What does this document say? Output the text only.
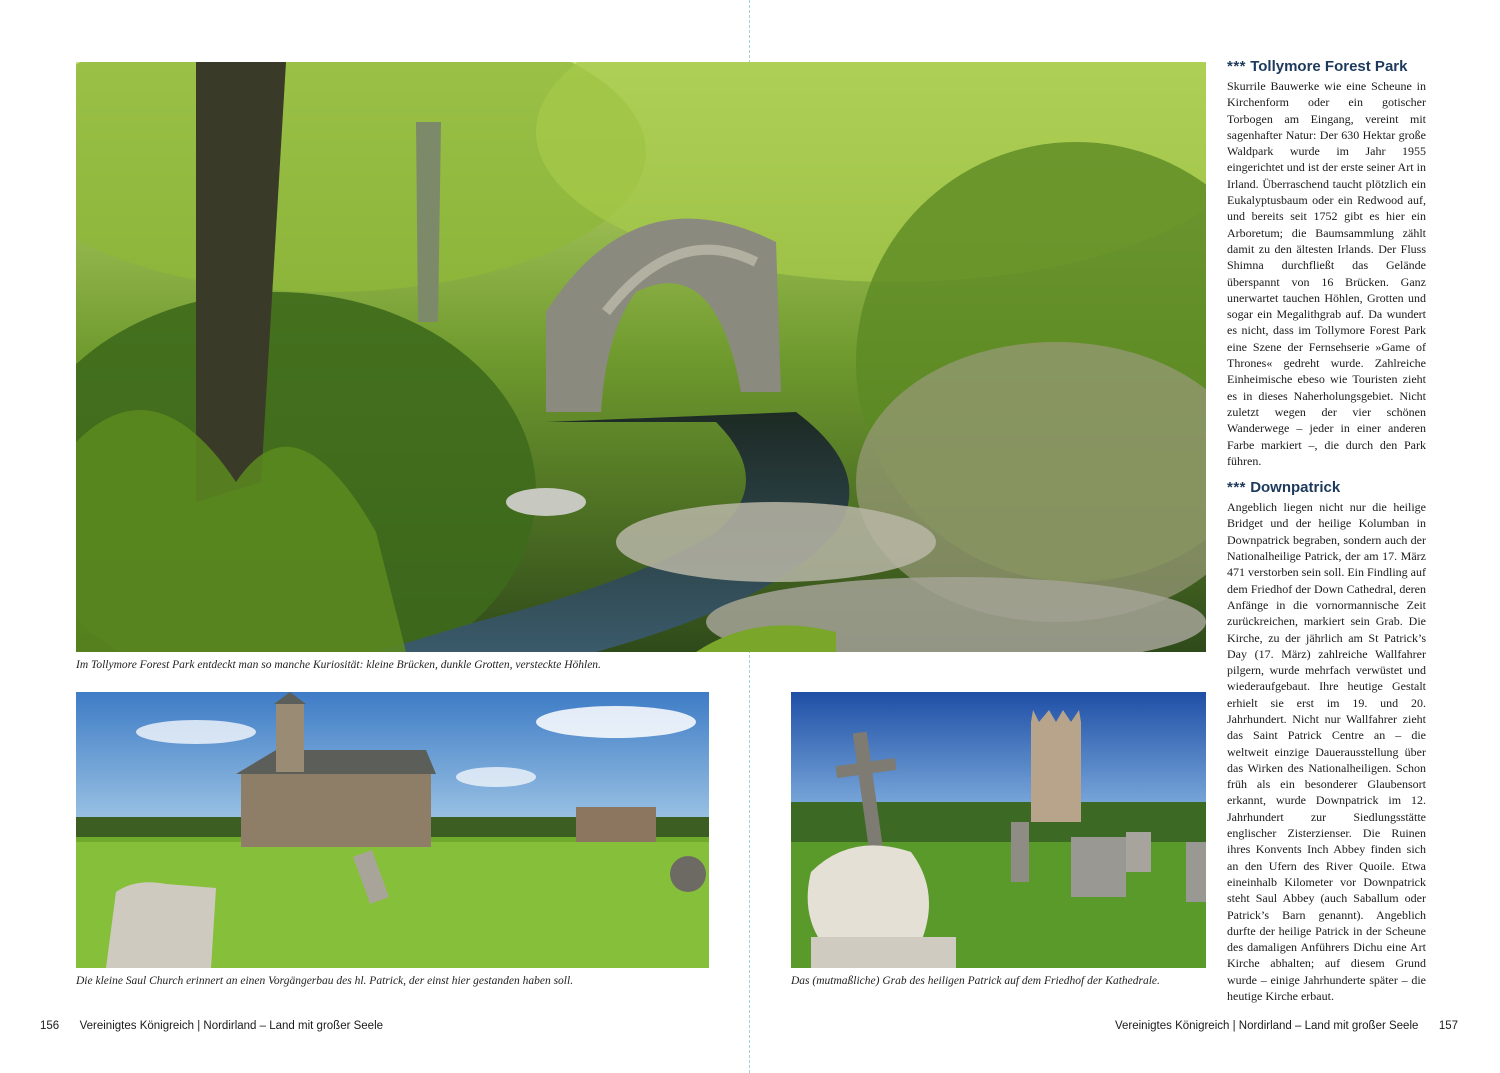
Im Tollymore Forest Park entdeckt man so manche Kuriosität: kleine Brücken, dunkle Grotten, versteckte Höhlen.
Die kleine Saul Church erinnert an einen Vorgängerbau des hl. Patrick, der einst hier gestanden haben soll.	Das (mutmaßliche) Grab des heiligen Patrick auf dem Friedhof der Kathedrale.
*** Tollymore Forest Park

Skurrile Bauwerke wie eine Scheune in Kirchenform oder ein gotischer Torbogen am Eingang, vereint mit sagenhafter Natur: Der 630 Hektar große Waldpark wurde im Jahr 1955 eingerichtet und ist der erste seiner Art in Irland. Überraschend taucht plötzlich ein Eukalyptusbaum oder ein Redwood auf, und bereits seit 1752 gibt es hier ein Arboretum; die Baumsammlung zählt damit zu den ältesten Irlands. Der Fluss Shimna durchfließt das Gelände überspannt von 16 Brücken. Ganz unerwartet tauchen Höhlen, Grotten und sogar ein Megalithgrab auf. Da wundert es nicht, dass im Tollymore Forest Park eine Szene der Fernsehserie »Game of Thrones« gedreht wurde. Zahlreiche Einheimische ebeso wie Touristen zieht es in dieses Naherholungsgebiet. Nicht zuletzt wegen der vier schönen Wanderwege – jeder in einer anderen Farbe markiert –, die durch den Park führen.

*** Downpatrick

Angeblich liegen nicht nur die heilige Bridget und der heilige Kolumban in Downpatrick begraben, sondern auch der Nationalheilige Patrick, der am 17. März 471 verstorben sein soll. Ein Findling auf dem Friedhof der Down Cathedral, deren Anfänge in die vornormannische Zeit zurückreichen, markiert sein Grab. Die Kirche, zu der jährlich am St Patrick’s Day (17. März) zahlreiche Wallfahrer pilgern, wurde mehrfach verwüstet und wiederaufgebaut. Ihre heutige Gestalt erhielt sie erst im 19. und 20. Jahrhundert. Nicht nur Wallfahrer zieht das Saint Patrick Centre an – die weltweit einzige Dauerausstellung über das Wirken des Nationalheiligen. Schon früh als ein besonderer Glaubensort erkannt, wurde Downpatrick im 12. Jahrhundert zur Siedlungsstätte englischer Zisterzienser. Die Ruinen ihres Konvents Inch Abbey finden sich an den Ufern des River Quoile. Etwa eineinhalb Kilometer vor Downpatrick steht Saul Abbey (auch Saballum oder Patrick’s Barn genannt). Angeblich durfte der heilige Patrick in der Scheune des damaligen Anführers Dichu eine Art Kirche abhalten; auf diesem Grund wurde – einige Jahrhunderte später – die heutige Kirche erbaut.

156 Vereinigtes Königreich | Nordirland – Land mit großer Seele	Vereinigtes Königreich | Nordirland – Land mit großer Seele 157
